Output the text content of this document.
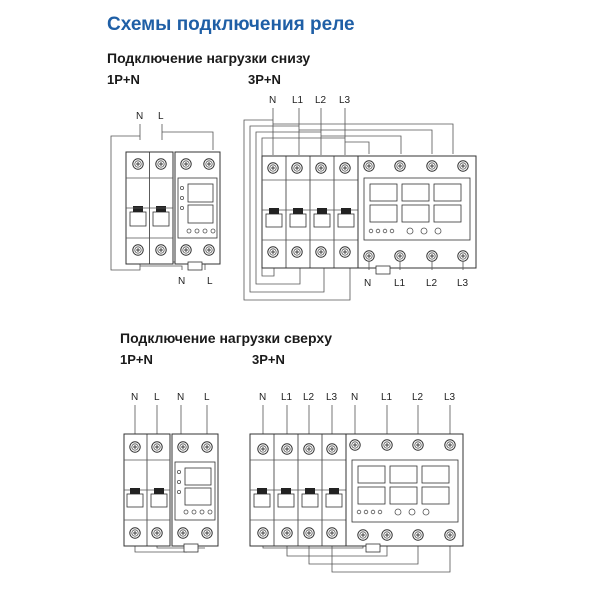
Схемы подключения реле
Подключение нагрузки снизу
1P+N	3P+N
Подключение нагрузки сверху
1P+N	3P+N
N L
N L
N L1 L2 L3
N L1 L2 L3
N L N L	N L1 L2 L3 N L1 L2 L3
